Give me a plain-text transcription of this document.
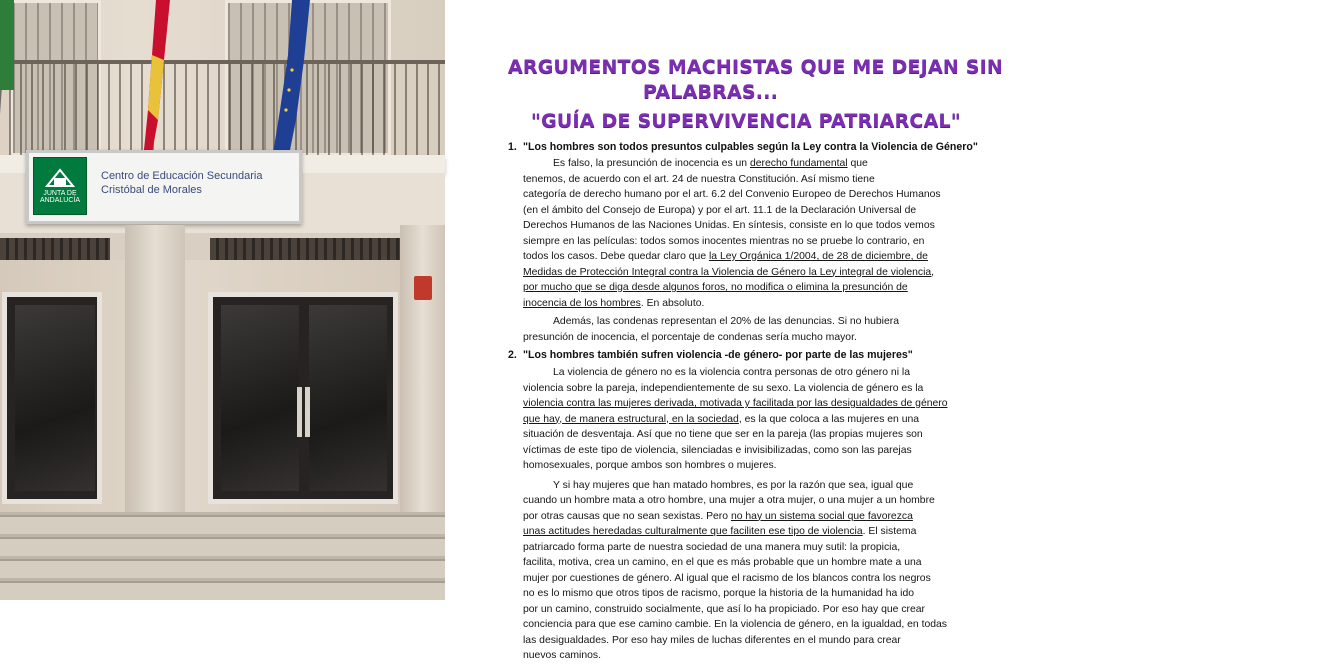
JUNTA DE ANDALUCÍA
Centro de Educación Secundaria
Cristóbal de Morales
ARGUMENTOS MACHISTAS QUE ME DEJAN SIN
PALABRAS...
"GUÍA DE SUPERVIVENCIA PATRIARCAL"
1. "Los hombres son todos presuntos culpables según la Ley contra la Violencia de Género"
Es falso, la presunción de inocencia es un derecho fundamental que
tenemos, de acuerdo con el art. 24 de nuestra Constitución. Así mismo tiene
categoría de derecho humano por el art. 6.2 del Convenio Europeo de Derechos Humanos
(en el ámbito del Consejo de Europa) y por el art. 11.1 de la Declaración Universal de
Derechos Humanos de las Naciones Unidas. En síntesis, consiste en lo que todos vemos
siempre en las películas: todos somos inocentes mientras no se pruebe lo contrario, en
todos los casos. Debe quedar claro que la Ley Orgánica 1/2004, de 28 de diciembre, de
Medidas de Protección Integral contra la Violencia de Género la Ley integral de violencia,
por mucho que se diga desde algunos foros, no modifica o elimina la presunción de
inocencia de los hombres. En absoluto.
Además, las condenas representan el 20% de las denuncias. Si no hubiera
presunción de inocencia, el porcentaje de condenas sería mucho mayor.
2. "Los hombres también sufren violencia -de género- por parte de las mujeres"
La violencia de género no es la violencia contra personas de otro género ni la
violencia sobre la pareja, independientemente de su sexo. La violencia de género es la
violencia contra las mujeres derivada, motivada y facilitada por las desigualdades de género
que hay, de manera estructural, en la sociedad, es la que coloca a las mujeres en una
situación de desventaja. Así que no tiene que ser en la pareja (las propias mujeres son
víctimas de este tipo de violencia, silenciadas e invisibilizadas, como son las parejas
homosexuales, porque ambos son hombres o mujeres.
Y si hay mujeres que han matado hombres, es por la razón que sea, igual que
cuando un hombre mata a otro hombre, una mujer a otra mujer, o una mujer a un hombre
por otras causas que no sean sexistas. Pero no hay un sistema social que favorezca
unas actitudes heredadas culturalmente que faciliten ese tipo de violencia. El sistema
patriarcado forma parte de nuestra sociedad de una manera muy sutil: la propicia,
facilita, motiva, crea un camino, en el que es más probable que un hombre mate a una
mujer por cuestiones de género. Al igual que el racismo de los blancos contra los negros
no es lo mismo que otros tipos de racismo, porque la historia de la humanidad ha ido
por un camino, construido socialmente, que así lo ha propiciado. Por eso hay que crear
conciencia para que ese camino cambie. En la violencia de género, en la igualdad, en todas
las desigualdades. Por eso hay miles de luchas diferentes en el mundo para crear
nuevos caminos.
